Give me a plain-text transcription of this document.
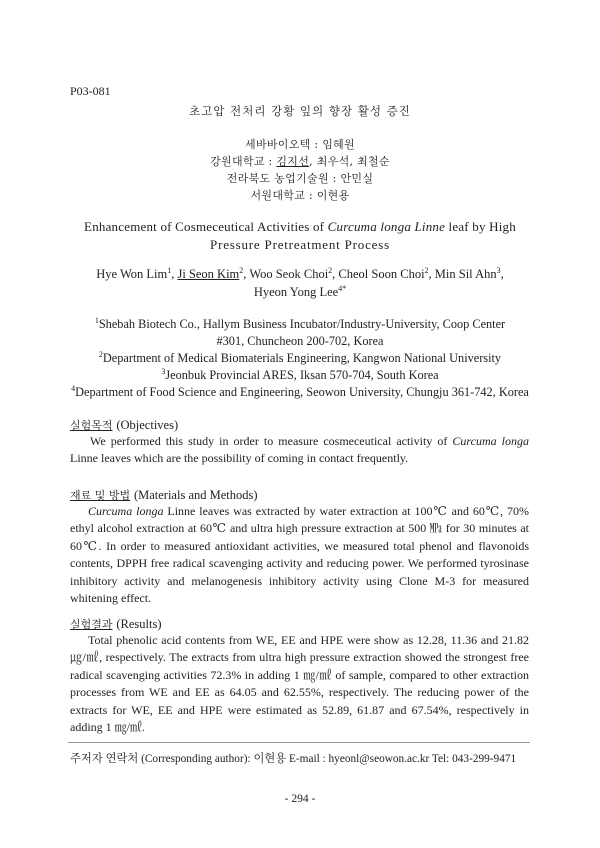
P03-081
초고압 전처리 강황 잎의 향장 활성 증진
세바바이오텍 : 임혜원
강원대학교 : 김지선, 최우석, 최철순
전라북도 농업기술원 : 안민실
서원대학교 : 이현용
Enhancement of Cosmeceutical Activities of Curcuma longa Linne leaf by High
Pressure Pretreatment Process
Hye Won Lim$^1$, Ji Seon Kim$^2$, Woo Seok Choi$^2$, Cheol Soon Choi$^2$, Min Sil Ahn$^3$,
Hyeon Yong Lee$^{4*}$
$^1$Shebah Biotech Co., Hallym Business Incubator/Industry-University, Coop Center
#301, Chuncheon 200-702, Korea
$^2$Department of Medical Biomaterials Engineering, Kangwon National University
$^3$Jeonbuk Provincial ARES, Iksan 570-704, South Korea
$^4$Department of Food Science and Engineering, Seowon University, Chungju 361-742, Korea
실험목적 (Objectives)
We performed this study in order to measure cosmeceutical activity of Curcuma longa Linne leaves which are the possibility of coming in contact frequently.
재료 및 방법 (Materials and Methods)
Curcuma longa Linne leaves was extracted by water extraction at 100℃ and 60℃, 70% ethyl alcohol extraction at 60℃ and ultra high pressure extraction at 500 ㎫ for 30 minutes at 60℃. In order to measured antioxidant activities, we measured total phenol and flavonoids contents, DPPH free radical scavenging activity and reducing power. We performed tyrosinase inhibitory activity and melanogenesis inhibitory activity using Clone M-3 for measured whitening effect.
실험결과 (Results)
Total phenolic acid contents from WE, EE and HPE were show as 12.28, 11.36 and 21.82 ㎍/㎖, respectively. The extracts from ultra high pressure extraction showed the strongest free radical scavenging activities 72.3% in adding 1 ㎎/㎖ of sample, compared to other extraction processes from WE and EE as 64.05 and 62.55%, respectively. The reducing power of the extracts for WE, EE and HPE were estimated as 52.89, 61.87 and 67.54%, respectively in adding 1 ㎎/㎖.
주저자 연락처 (Corresponding author): 이현용 E-mail : hyeonl@seowon.ac.kr Tel: 043-299-9471
- 294 -
